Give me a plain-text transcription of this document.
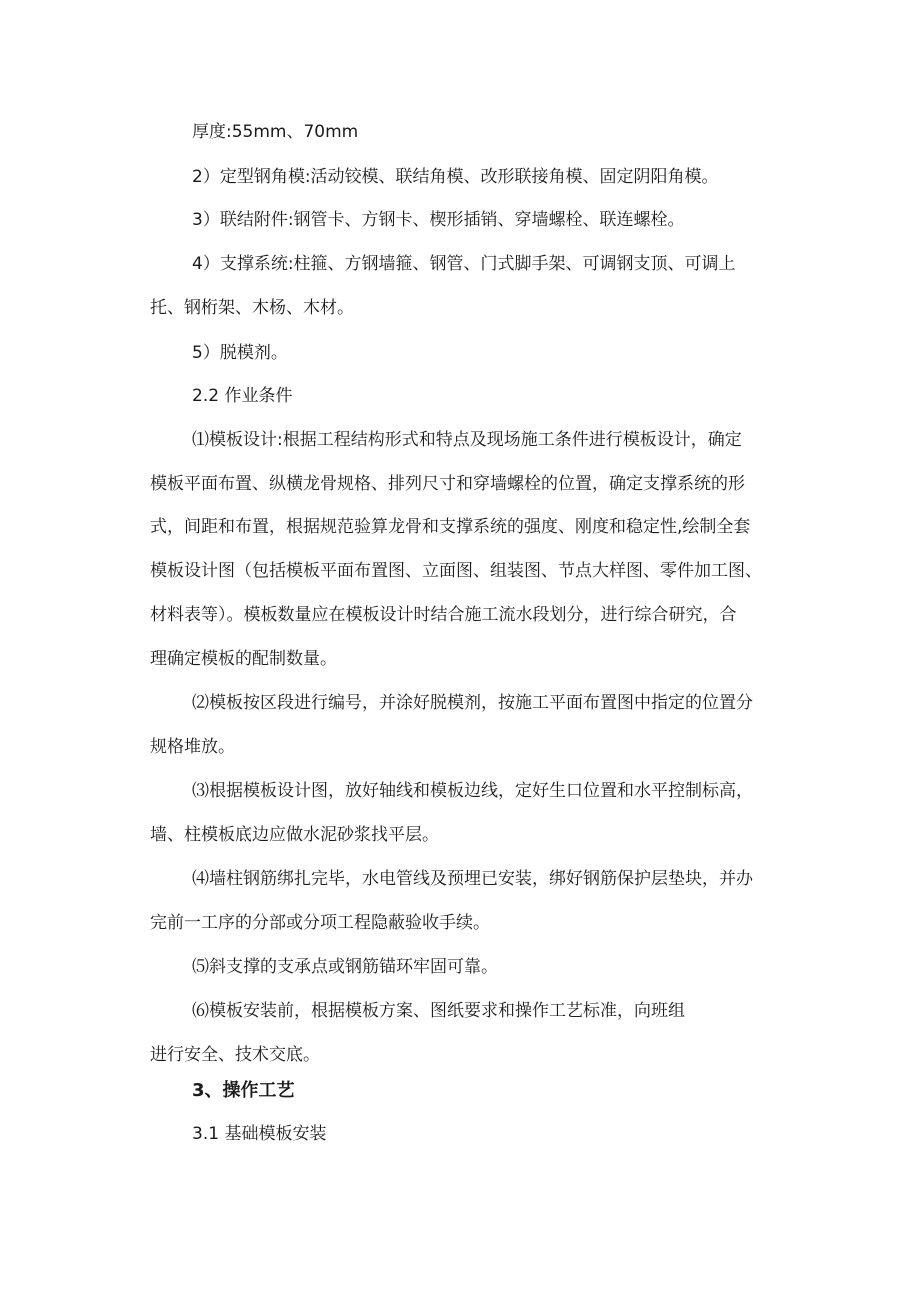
厚度:55mm、70mm
2）定型钢角模:活动铰模、联结角模、改形联接角模、固定阴阳角模。
3）联结附件:钢管卡、方钢卡、楔形插销、穿墙螺栓、联连螺栓。
4）支撑系统:柱箍、方钢墙箍、钢管、门式脚手架、可调钢支顶、可调上
托、钢桁架、木杨、木材。
5）脱模剂。
2.2 作业条件
⑴模板设计:根据工程结构形式和特点及现场施工条件进行模板设计，确定
模板平面布置、纵横龙骨规格、排列尺寸和穿墙螺栓的位置，确定支撑系统的形
式，间距和布置，根据规范验算龙骨和支撑系统的强度、刚度和稳定性,绘制全套
模板设计图（包括模板平面布置图、立面图、组装图、节点大样图、零件加工图、
材料表等）。模板数量应在模板设计时结合施工流水段划分，进行综合研究，合
理确定模板的配制数量。
⑵模板按区段进行编号，并涂好脱模剂，按施工平面布置图中指定的位置分
规格堆放。
⑶根据模板设计图，放好轴线和模板边线，定好生口位置和水平控制标高，
墙、柱模板底边应做水泥砂浆找平层。
⑷墙柱钢筋绑扎完毕，水电管线及预埋已安装，绑好钢筋保护层垫块，并办
完前一工序的分部或分项工程隐蔽验收手续。
⑸斜支撑的支承点或钢筋锚环牢固可靠。
⑹模板安装前，根据模板方案、图纸要求和操作工艺标准，向班组
进行安全、技术交底。
3、操作工艺
3.1 基础模板安装
